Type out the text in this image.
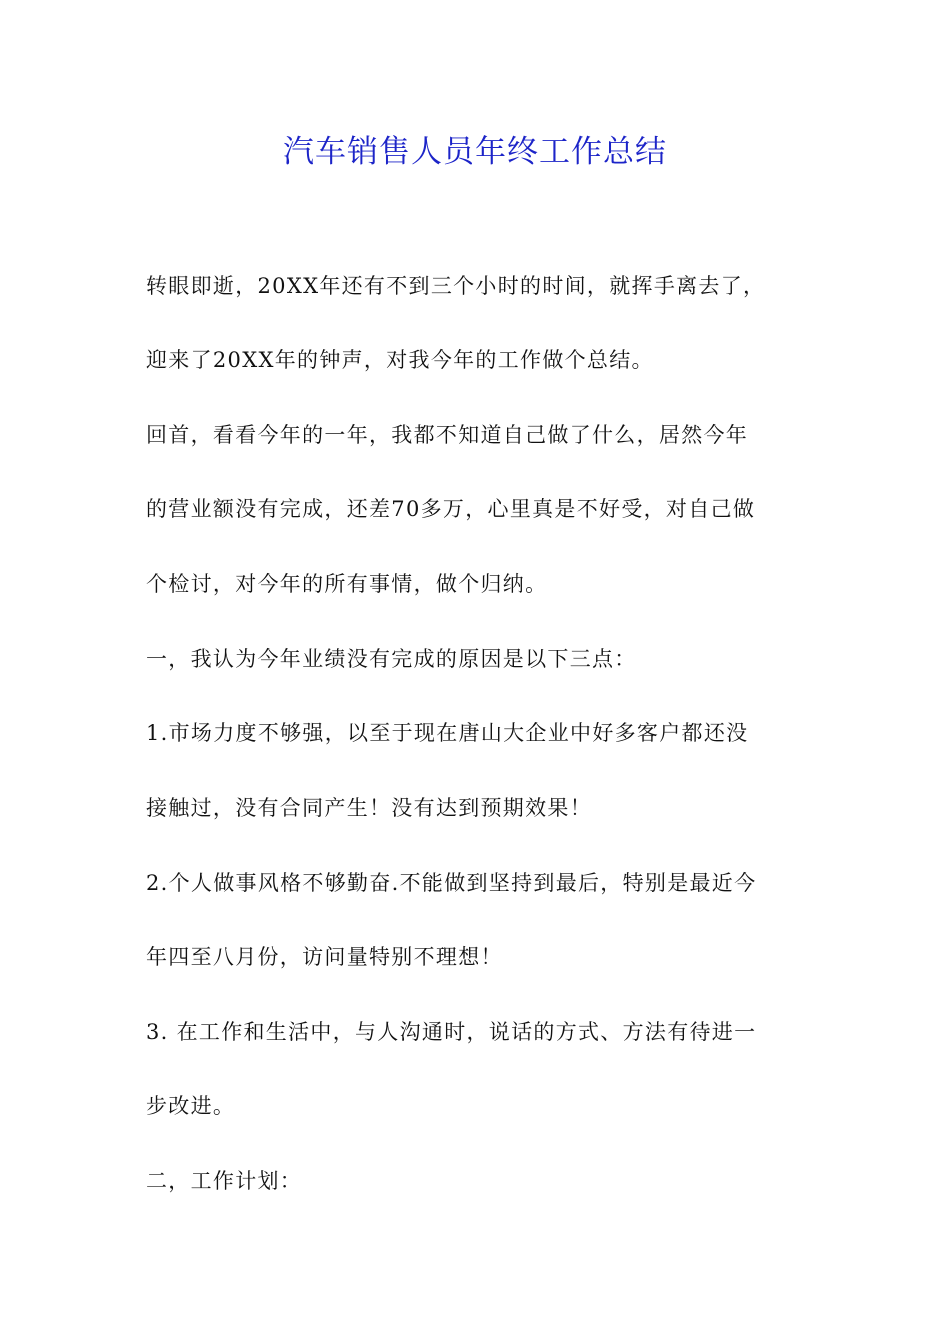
汽车销售人员年终工作总结
转眼即逝，20XX年还有不到三个小时的时间，就挥手离去了，
迎来了20XX年的钟声，对我今年的工作做个总结。
回首，看看今年的一年，我都不知道自己做了什么，居然今年
的营业额没有完成，还差70多万，心里真是不好受，对自己做
个检讨，对今年的所有事情，做个归纳。
一，我认为今年业绩没有完成的原因是以下三点：
1.市场力度不够强，以至于现在唐山大企业中好多客户都还没
接触过，没有合同产生！没有达到预期效果！
2.个人做事风格不够勤奋.不能做到坚持到最后，特别是最近今
年四至八月份，访问量特别不理想！
3. 在工作和生活中，与人沟通时，说话的方式、方法有待进一
步改进。
二，工作计划：
